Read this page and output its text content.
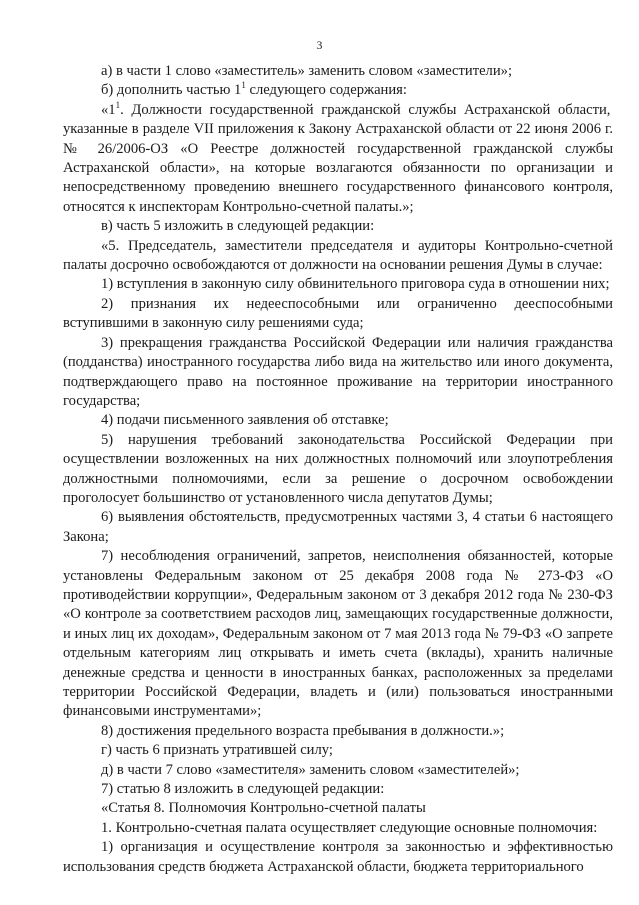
3

а) в части 1 слово «заместитель» заменить словом «заместители»;

б) дополнить частью $1^1$ следующего содержания:

«$1^1$. Должности государственной гражданской службы Астраханской области,

указанные в разделе VII приложения к Закону Астраханской области от 22 июня 2006 г. № 26/2006-ОЗ «О Реестре должностей государственной гражданской службы Астраханской области», на которые возлагаются обязанности по организации и непосредственному проведению внешнего государственного финансового контроля, относятся к инспекторам Контрольно-счетной палаты.»;

в) часть 5 изложить в следующей редакции:

«5. Председатель, заместители председателя и аудиторы Контрольно-счетной палаты досрочно освобождаются от должности на основании решения Думы в случае:

1) вступления в законную силу обвинительного приговора суда в отношении них;

2) признания их недееспособными или ограниченно дееспособными вступившими в законную силу решениями суда;

3) прекращения гражданства Российской Федерации или наличия гражданства (подданства) иностранного государства либо вида на жительство или иного документа, подтверждающего право на постоянное проживание на территории иностранного государства;

4) подачи письменного заявления об отставке;

5) нарушения требований законодательства Российской Федерации при осуществлении возложенных на них должностных полномочий или злоупотребления должностными полномочиями, если за решение о досрочном освобождении проголосует большинство от установленного числа депутатов Думы;

6) выявления обстоятельств, предусмотренных частями 3, 4 статьи 6 настоящего Закона;

7) несоблюдения ограничений, запретов, неисполнения обязанностей, которые установлены Федеральным законом от 25 декабря 2008 года № 273-ФЗ «О противодействии коррупции», Федеральным законом от 3 декабря 2012 года № 230-ФЗ «О контроле за соответствием расходов лиц, замещающих государственные должности, и иных лиц их доходам», Федеральным законом от 7 мая 2013 года № 79-ФЗ «О запрете отдельным категориям лиц открывать и иметь счета (вклады), хранить наличные денежные средства и ценности в иностранных банках, расположенных за пределами территории Российской Федерации, владеть и (или) пользоваться иностранными финансовыми инструментами»;

8) достижения предельного возраста пребывания в должности.»;

г) часть 6 признать утратившей силу;

д) в части 7 слово «заместителя» заменить словом «заместителей»;

7) статью 8 изложить в следующей редакции:

«Статья 8. Полномочия Контрольно-счетной палаты

1. Контрольно-счетная палата осуществляет следующие основные полномочия:

1) организация и осуществление контроля за законностью и эффективностью использования средств бюджета Астраханской области, бюджета территориального
